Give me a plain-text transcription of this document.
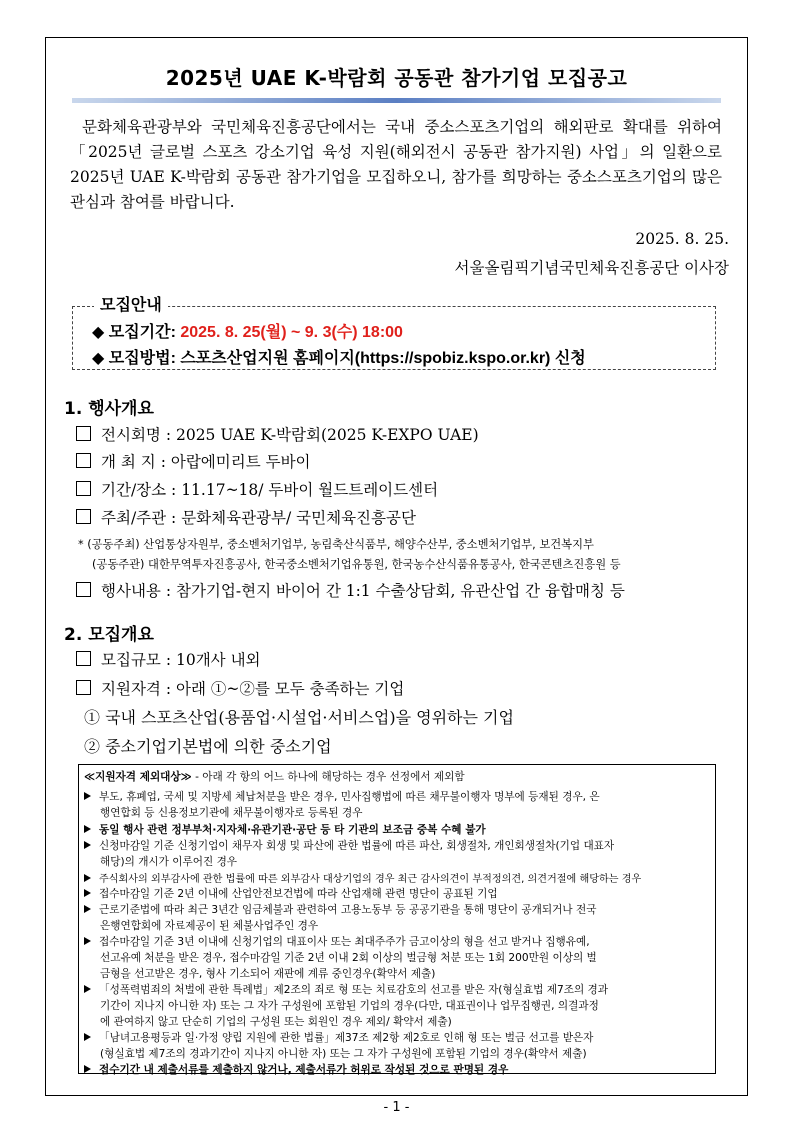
2025년 UAE K-박람회 공동관 참가기업 모집공고
문화체육관광부와 국민체육진흥공단에서는 국내 중소스포츠기업의 해외판로 확대를 위하여「2025년 글로벌 스포츠 강소기업 육성 지원(해외전시 공동관 참가지원) 사업」의 일환으로 2025년 UAE K-박람회 공동관 참가기업을 모집하오니, 참가를 희망하는 중소스포츠기업의 많은 관심과 참여를 바랍니다.
2025. 8. 25.
서울올림픽기념국민체육진흥공단 이사장
모집안내
◆ 모집기간: 2025. 8. 25(월) ~ 9. 3(수) 18:00
◆ 모집방법: 스포츠산업지원 홈페이지(https://spobiz.kspo.or.kr) 신청
1. 행사개요
전시회명 : 2025 UAE K-박람회(2025 K-EXPO UAE)
개 최 지 : 아랍에미리트 두바이
기간/장소 : 11.17~18/ 두바이 월드트레이드센터
주최/주관 : 문화체육관광부/ 국민체육진흥공단
* (공동주최) 산업통상자원부, 중소벤처기업부, 농림축산식품부, 해양수산부, 중소벤처기업부, 보건복지부
(공동주관) 대한무역투자진흥공사, 한국중소벤처기업유통원, 한국농수산식품유통공사, 한국콘텐츠진흥원 등
행사내용 : 참가기업-현지 바이어 간 1:1 수출상담회, 유관산업 간 융합매칭 등
2. 모집개요
모집규모 : 10개사 내외
지원자격 : 아래 ①~②를 모두 충족하는 기업
① 국내 스포츠산업(용품업·시설업·서비스업)을 영위하는 기업
② 중소기업기본법에 의한 중소기업
≪지원자격 제외대상≫ - 아래 각 항의 어느 하나에 해당하는 경우 선정에서 제외함
부도, 휴폐업, 국세 및 지방세 체납처분을 받은 경우, 민사집행법에 따른 채무불이행자 명부에 등재된 경우, 은
행연합회 등 신용정보기관에 채무불이행자로 등록된 경우
동일 행사 관련 정부부처·지자체·유관기관·공단 등 타 기관의 보조금 중복 수혜 불가
신청마감일 기준 신청기업이 채무자 회생 및 파산에 관한 법률에 따른 파산, 회생절차, 개인회생절차(기업 대표자
해당)의 개시가 이루어진 경우
주식회사의 외부감사에 관한 법률에 따른 외부감사 대상기업의 경우 최근 감사의견이 부적정의견, 의견거절에 해당하는 경우
접수마감일 기준 2년 이내에 산업안전보건법에 따라 산업재해 관련 명단이 공표된 기업
근로기준법에 따라 최근 3년간 임금체불과 관련하여 고용노동부 등 공공기관을 통해 명단이 공개되거나 전국
은행연합회에 자료제공이 된 체불사업주인 경우
접수마감일 기준 3년 이내에 신청기업의 대표이사 또는 최대주주가 금고이상의 형을 선고 받거나 집행유예,
선고유예 처분을 받은 경우, 접수마감일 기준 2년 이내 2회 이상의 벌금형 처분 또는 1회 200만원 이상의 벌
금형을 선고받은 경우, 형사 기소되어 재판에 계류 중인경우(확약서 제출)
「성폭력범죄의 처벌에 관한 특례법」제2조의 죄로 형 또는 치료감호의 선고를 받은 자(형실효법 제7조의 경과
기간이 지나지 아니한 자) 또는 그 자가 구성원에 포함된 기업의 경우(다만, 대표권이나 업무집행권, 의결과정
에 관여하지 않고 단순히 기업의 구성원 또는 회원인 경우 제외/ 확약서 제출)
「남녀고용평등과 일·가정 양립 지원에 관한 법률」제37조 제2항 제2호로 인해 형 또는 벌금 선고를 받은자
(형실효법 제7조의 경과기간이 지나지 아니한 자) 또는 그 자가 구성원에 포함된 기업의 경우(확약서 제출)
접수기간 내 제출서류를 제출하지 않거나, 제출서류가 허위로 작성된 것으로 판명된 경우
- 1 -
